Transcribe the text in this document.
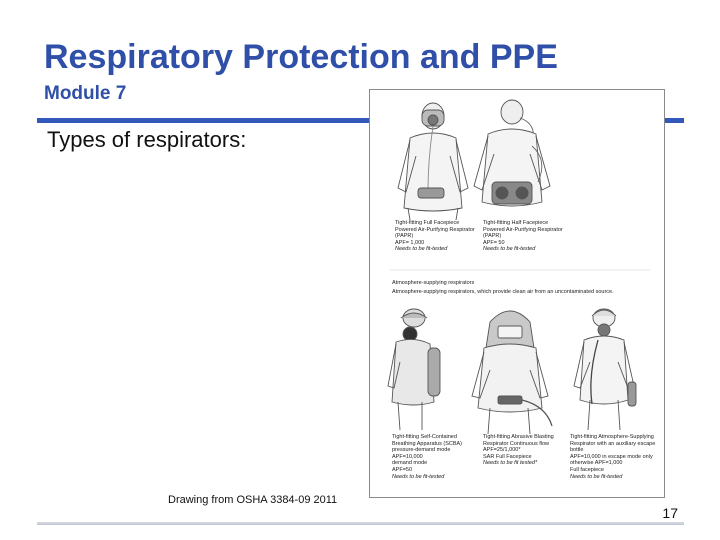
Respiratory Protection and PPE
Module 7
Types of respirators:
Tight-fitting Full Facepiece
Powered Air-Purifying Respirator
(PAPR)
APF= 1,000
Needs to be fit-tested
Tight-fitting Half Facepiece
Powered Air-Purifying Respirator
(PAPR)
APF= 50
Needs to be fit-tested
Atmosphere-supplying respirators
Atmosphere-supplying respirators, which provide clean air from an uncontaminated source.
Tight-fitting Self-Contained
Breathing Apparatus (SCBA)
pressure-demand mode
APF=10,000
demand mode
APF=50
Needs to be fit-tested
Tight-fitting Abrasive Blasting
Respirator Continuous flow
APF=25/1,000*
SAR Full Facepiece
Needs to be fit tested*
Tight-fitting Atmosphere-Supplying
Respirator with an auxiliary escape
bottle
APF=10,000 in escape mode only
otherwise APF=1,000
Full facepiece
Needs to be fit-tested
Drawing from OSHA 3384-09 2011
17
